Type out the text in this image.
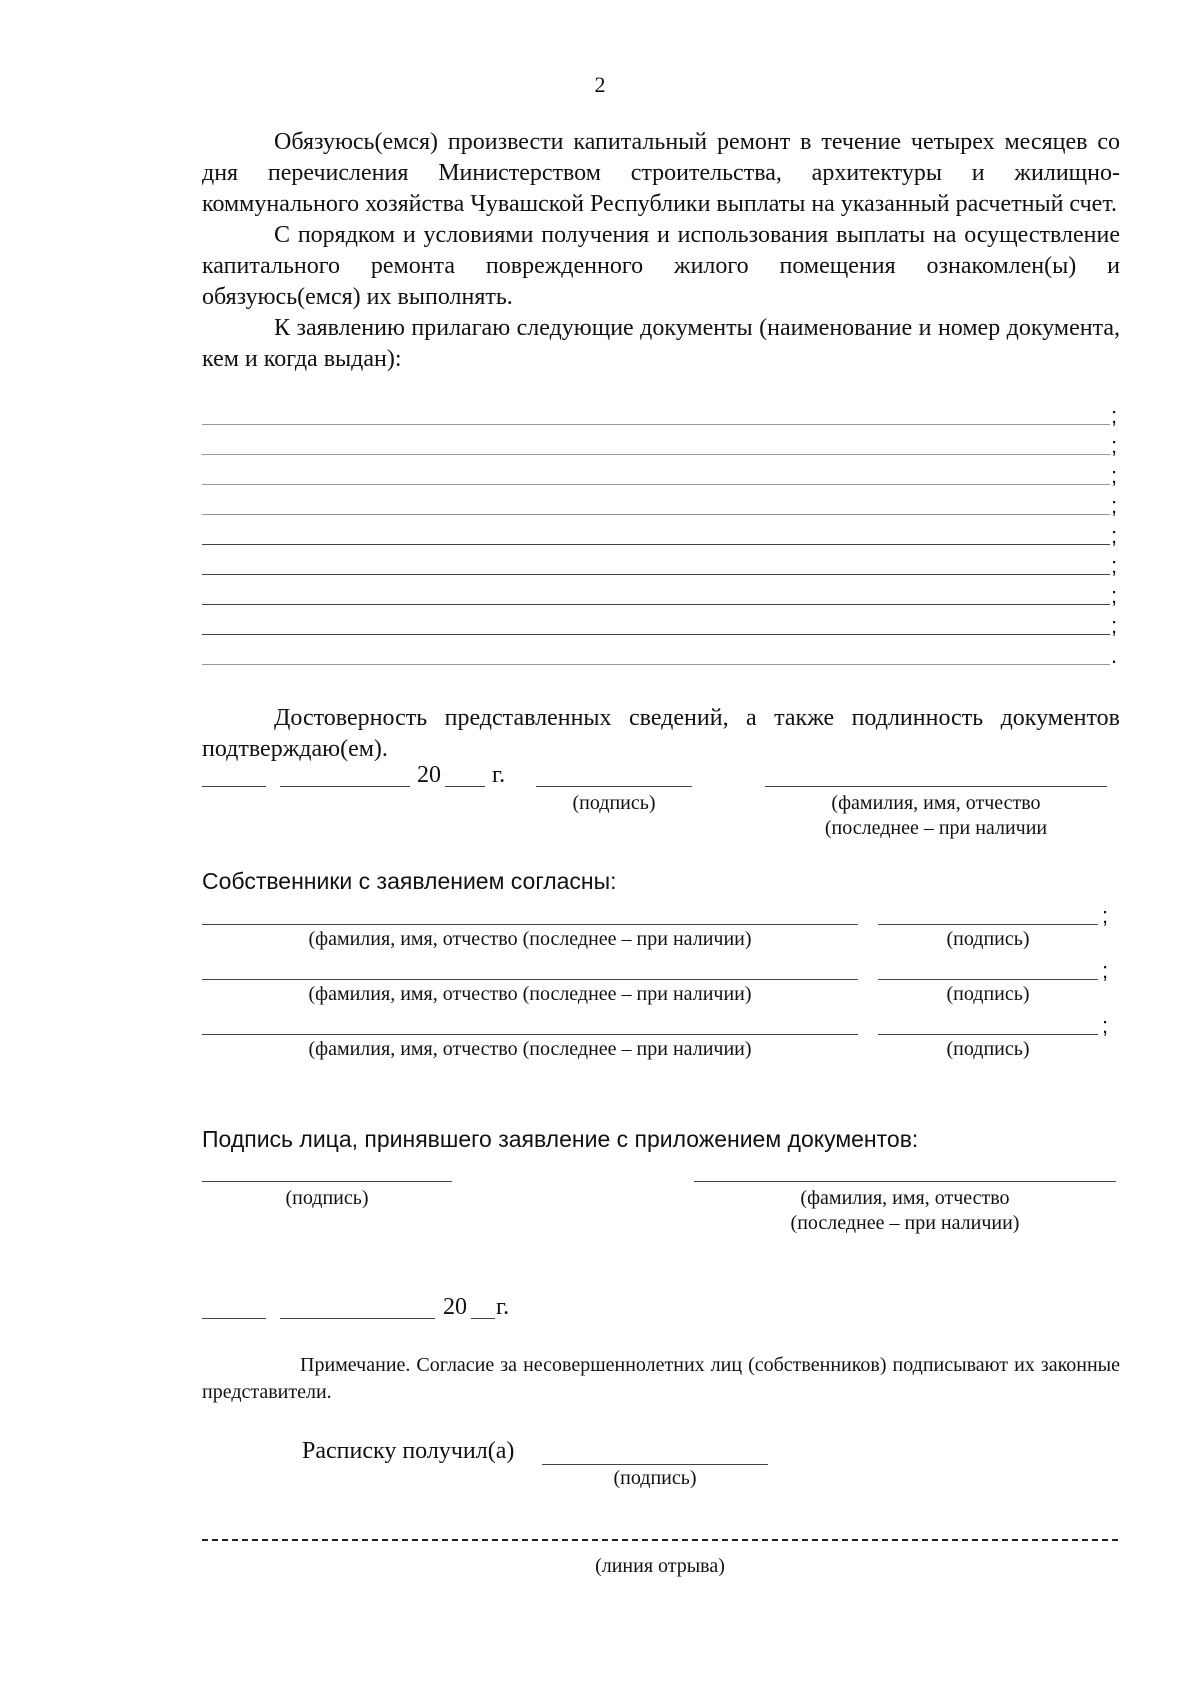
2

Обязуюсь(емся) произвести капитальный ремонт в течение четырех месяцев со дня перечисления Министерством строительства, архитектуры и жилищно-коммунального хозяйства Чувашской Республики выплаты на указанный расчетный счет.

С порядком и условиями получения и использования выплаты на осуществление капитального ремонта поврежденного жилого помещения ознакомлен(ы) и обязуюсь(емся) их выполнять.

К заявлению прилагаю следующие документы (наименование и номер документа, кем и когда выдан):

;
;
;
;
;
;
;
;
.

Достоверность представленных сведений, а также подлинность документов подтверждаю(ем).

20 г.
(подпись)	(фамилия, имя, отчество
(последнее – при наличии
Собственники с заявлением согласны:
;
(фамилия, имя, отчество (последнее – при наличии)	(подпись)
;
(фамилия, имя, отчество (последнее – при наличии)	(подпись)
;
(фамилия, имя, отчество (последнее – при наличии)	(подпись)
Подпись лица, принявшего заявление с приложением документов:
(подпись)	(фамилия, имя, отчество
(последнее – при наличии)
20 г.

Примечание. Согласие за несовершеннолетних лиц (собственников) подписывают их законные представители.

Расписку получил(а)
(подпись)
(линия отрыва)
